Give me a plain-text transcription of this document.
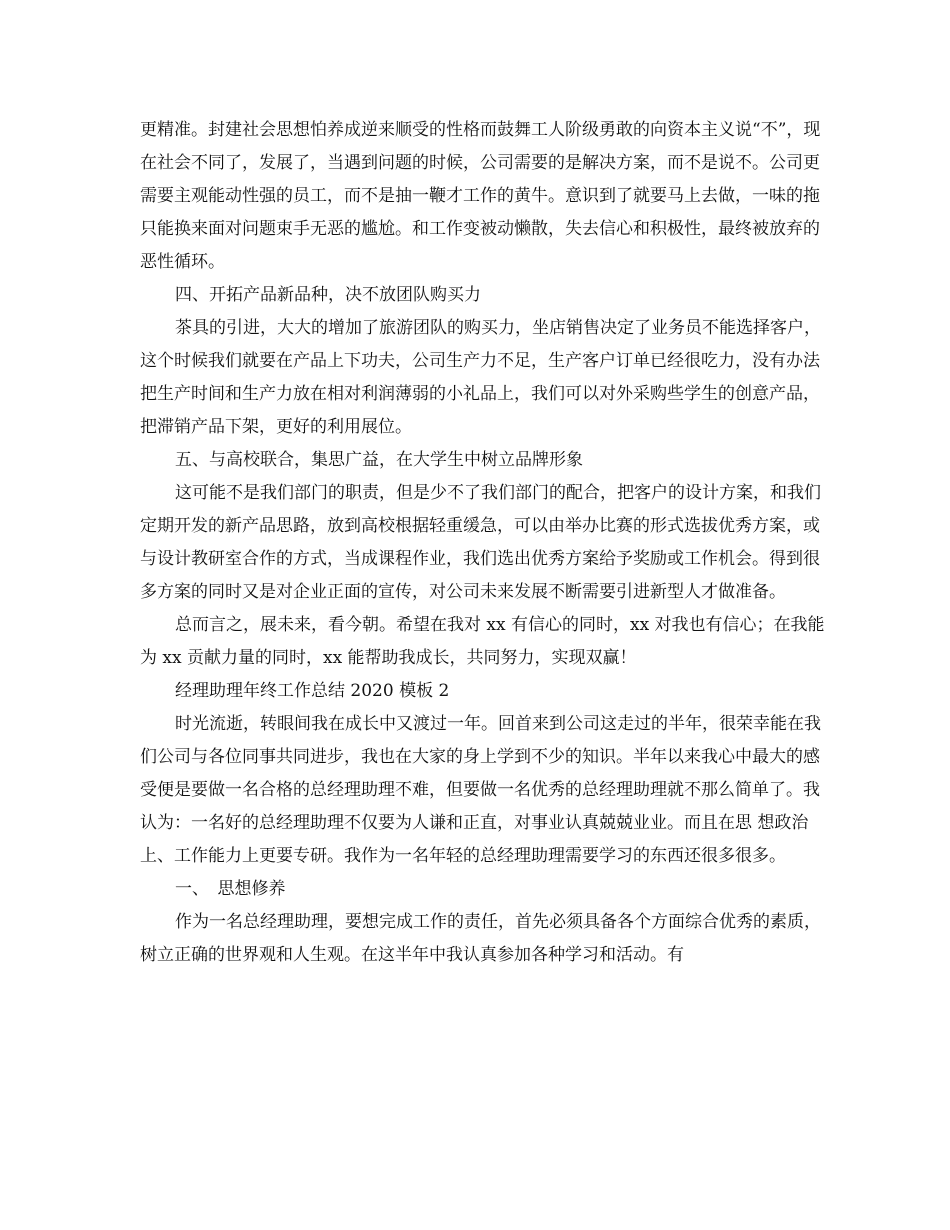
更精准。封建社会思想怕养成逆来顺受的性格而鼓舞工人阶级勇敢的向资本主义说“不”，现在社会不同了，发展了，当遇到问题的时候，公司需要的是解决方案，而不是说不。公司更需要主观能动性强的员工，而不是抽一鞭才工作的黄牛。意识到了就要马上去做，一味的拖只能换来面对问题束手无恶的尴尬。和工作变被动懒散，失去信心和积极性，最终被放弃的恶性循环。

四、开拓产品新品种，决不放团队购买力

茶具的引进，大大的增加了旅游团队的购买力，坐店销售决定了业务员不能选择客户，这个时候我们就要在产品上下功夫，公司生产力不足，生产客户订单已经很吃力，没有办法把生产时间和生产力放在相对利润薄弱的小礼品上，我们可以对外采购些学生的创意产品，把滞销产品下架，更好的利用展位。

五、与高校联合，集思广益，在大学生中树立品牌形象

这可能不是我们部门的职责，但是少不了我们部门的配合，把客户的设计方案，和我们定期开发的新产品思路，放到高校根据轻重缓急，可以由举办比赛的形式选拔优秀方案，或与设计教研室合作的方式，当成课程作业，我们选出优秀方案给予奖励或工作机会。得到很多方案的同时又是对企业正面的宣传，对公司未来发展不断需要引进新型人才做准备。

总而言之，展未来，看今朝。希望在我对 xx 有信心的同时，xx 对我也有信心；在我能为 xx 贡献力量的同时，xx 能帮助我成长，共同努力，实现双赢！

经理助理年终工作总结 2020 模板 2

时光流逝，转眼间我在成长中又渡过一年。回首来到公司这走过的半年，很荣幸能在我们公司与各位同事共同进步，我也在大家的身上学到不少的知识。半年以来我心中最大的感受便是要做一名合格的总经理助理不难，但要做一名优秀的总经理助理就不那么简单了。我认为：一名好的总经理助理不仅要为人谦和正直，对事业认真兢兢业业。而且在思 想政治上、工作能力上更要专研。我作为一名年轻的总经理助理需要学习的东西还很多很多。

一、　思想修养

作为一名总经理助理，要想完成工作的责任，首先必须具备各个方面综合优秀的素质，树立正确的世界观和人生观。在这半年中我认真参加各种学习和活动。有
